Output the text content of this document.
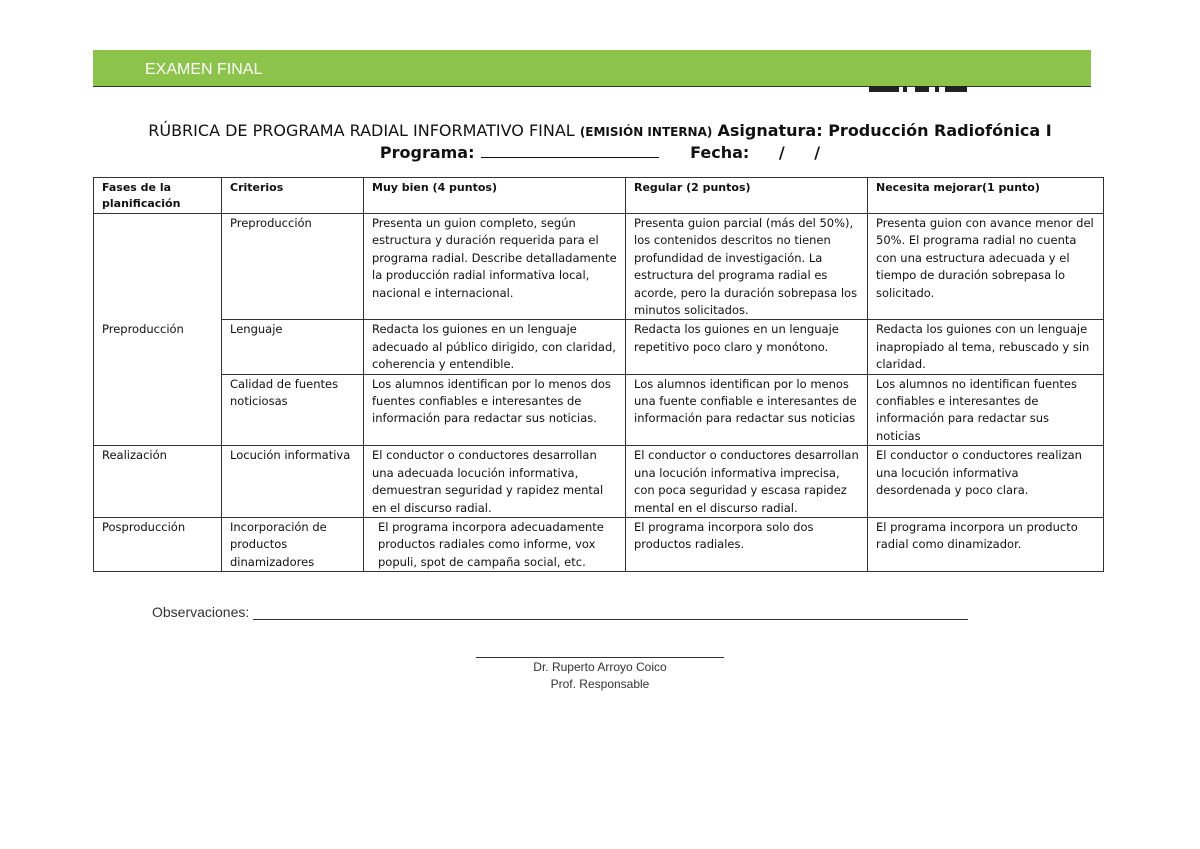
EXAMEN FINAL
RÚBRICA DE PROGRAMA RADIAL INFORMATIVO FINAL (EMISIÓN INTERNA) Asignatura: Producción Radiofónica I
Programa:	Fecha: / /
Fases de la planificación	Criterios	Muy bien (4 puntos)	Regular (2 puntos)	Necesita mejorar(1 punto)
Preproducción	Preproducción	Presenta un guion completo, según estructura y duración requerida para el programa radial. Describe detalladamente la producción radial informativa local, nacional e internacional.	Presenta guion parcial (más del 50%), los contenidos descritos no tienen profundidad de investigación. La estructura del programa radial es acorde, pero la duración sobrepasa los minutos solicitados.	Presenta guion con avance menor del 50%. El programa radial no cuenta con una estructura adecuada y el tiempo de duración sobrepasa lo solicitado.
	Lenguaje	Redacta los guiones en un lenguaje adecuado al público dirigido, con claridad, coherencia y entendible.	Redacta los guiones en un lenguaje repetitivo poco claro y monótono.	Redacta los guiones con un lenguaje inapropiado al tema, rebuscado y sin claridad.
	Calidad de fuentes noticiosas	Los alumnos identifican por lo menos dos fuentes confiables e interesantes de información para redactar sus noticias.	Los alumnos identifican por lo menos una fuente confiable e interesantes de información para redactar sus noticias	Los alumnos no identifican fuentes confiables e interesantes de información para redactar sus noticias
Realización	Locución informativa	El conductor o conductores desarrollan una adecuada locución informativa, demuestran seguridad y rapidez mental en el discurso radial.	El conductor o conductores desarrollan una locución informativa imprecisa, con poca seguridad y escasa rapidez mental en el discurso radial.	El conductor o conductores realizan una locución informativa desordenada y poco clara.
Posproducción	Incorporación de productos dinamizadores	El programa incorpora adecuadamente productos radiales como informe, vox populi, spot de campaña social, etc.	El programa incorpora solo dos productos radiales.	El programa incorpora un producto radial como dinamizador.
Observaciones:
Dr. Ruperto Arroyo Coico
Prof. Responsable
